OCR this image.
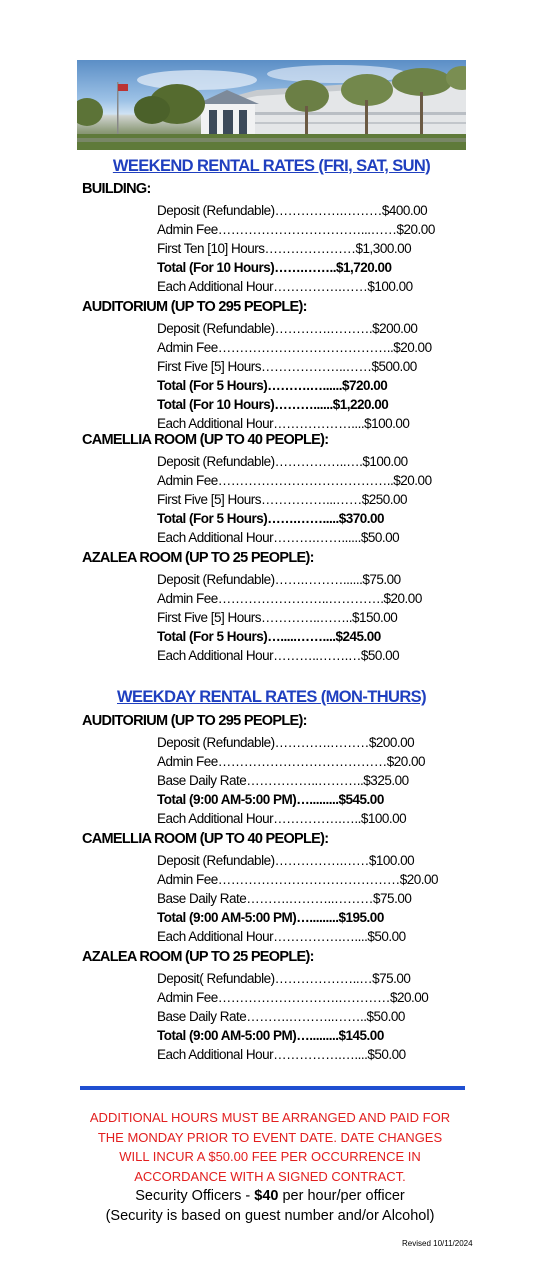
WEEKEND RENTAL RATES (FRI, SAT, SUN)
BUILDING:
Deposit (Refundable)…………….………$400.00
Admin Fee……………………………...……$20.00
First Ten [10] Hours…………………$1,300.00
Total (For 10 Hours)…….……..$1,720.00
Each Additional Hour…………….……$100.00
AUDITORIUM (UP TO 295 PEOPLE):
Deposit (Refundable)………….……….$200.00
Admin Fee…………………………………..$20.00
First Five [5] Hours………………..……$500.00
Total (For 5 Hours)……….…......$720.00
Total (For 10 Hours)………......$1,220.00
Each Additional Hour………………....$100.00
CAMELLIA ROOM (UP TO 40 PEOPLE):
Deposit (Refundable)……………..….$100.00
Admin Fee…………………………………..$20.00
First Five [5] Hours……………...……$250.00
Total (For 5 Hours)…….…….....$370.00
Each Additional Hour……….……......$50.00
AZALEA ROOM (UP TO 25 PEOPLE):
Deposit (Refundable)…….………......$75.00
Admin Fee……………………..………….$20.00
First Five [5] Hours…………..……..$150.00
Total (For 5 Hours)….....……....$245.00
Each Additional Hour………..…….…$50.00
WEEKDAY RENTAL RATES (MON-THURS)
AUDITORIUM (UP TO 295 PEOPLE):
Deposit (Refundable)………….………$200.00
Admin Fee…………………………………$20.00
Base Daily Rate……………..………..$325.00
Total (9:00 AM-5:00 PM)….........$545.00
Each Additional Hour…………….…..$100.00
CAMELLIA ROOM (UP TO 40 PEOPLE):
Deposit (Refundable)…………….……$100.00
Admin Fee……………………………………$20.00
Base Daily Rate……….………..………$75.00
Total (9:00 AM-5:00 PM)….........$195.00
Each Additional Hour…………….…....$50.00
AZALEA ROOM (UP TO 25 PEOPLE):
Deposit( Refundable)………………..…$75.00
Admin Fee……………………….…………$20.00
Base Daily Rate……….………..……..$50.00
Total (9:00 AM-5:00 PM)….........$145.00
Each Additional Hour…………….…....$50.00
ADDITIONAL HOURS MUST BE ARRANGED AND PAID FOR
THE MONDAY PRIOR TO EVENT DATE. DATE CHANGES
WILL INCUR A $50.00 FEE PER OCCURRENCE IN
ACCORDANCE WITH A SIGNED CONTRACT.
Security Officers - $40 per hour/per officer
(Security is based on guest number and/or Alcohol)
Revised 10/11/2024
